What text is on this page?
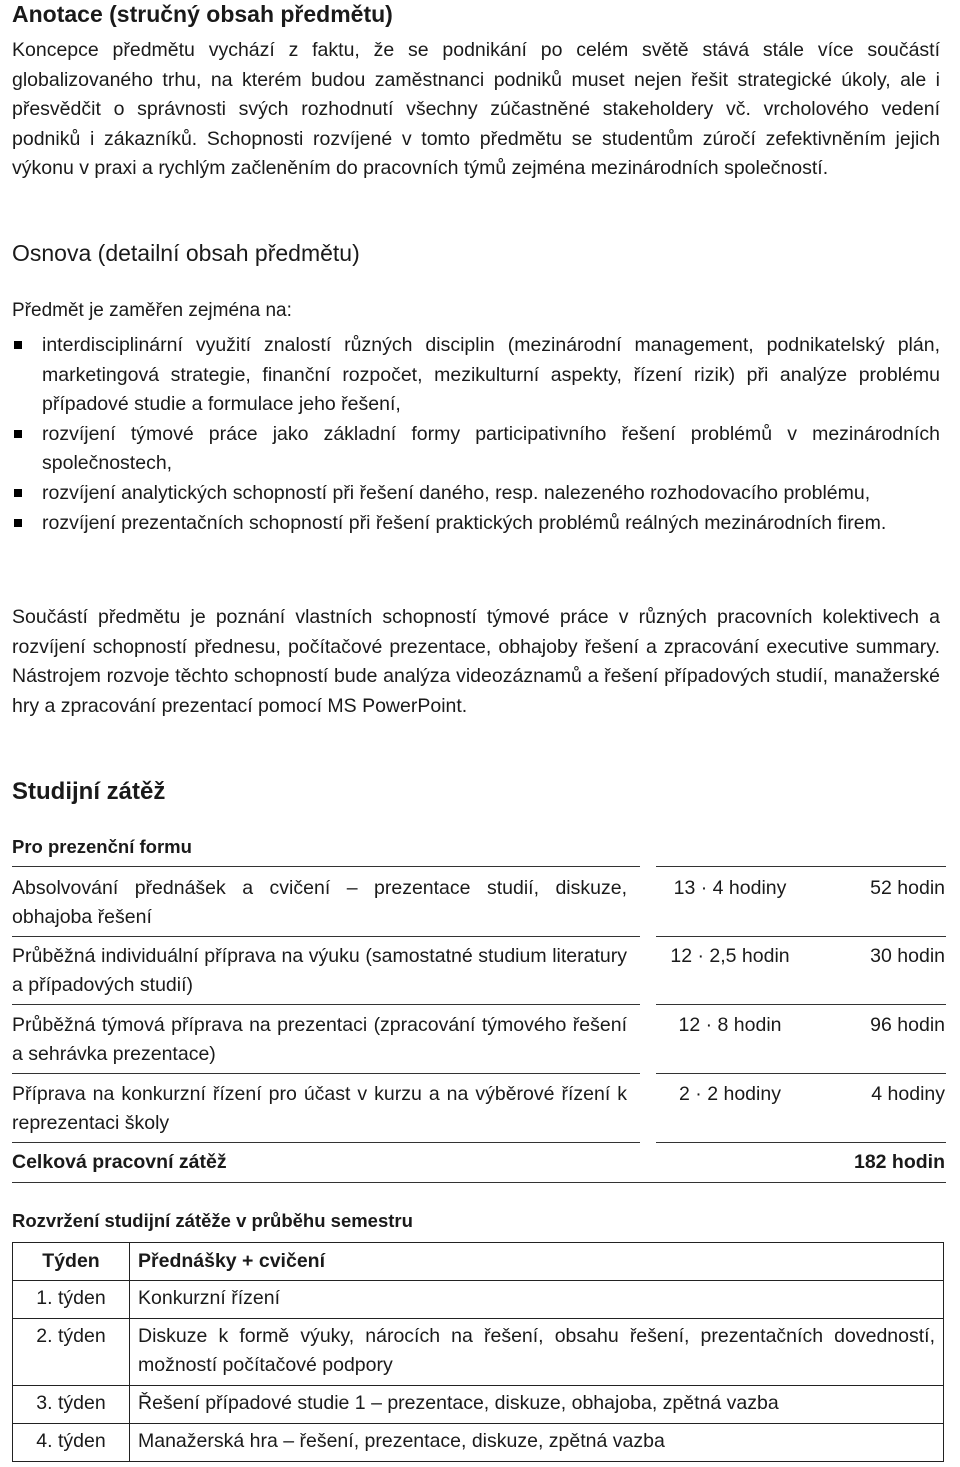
Anotace (stručný obsah předmětu)

Koncepce předmětu vychází z faktu, že se podnikání po celém světě stává stále více součástí globalizovaného trhu, na kterém budou zaměstnanci podniků muset nejen řešit strategické úkoly, ale i přesvědčit o správnosti svých rozhodnutí všechny zúčastněné stakeholdery vč. vrcholového vedení podniků i zákazníků. Schopnosti rozvíjené v tomto předmětu se studentům zúročí zefektivněním jejich výkonu v praxi a rychlým začleněním do pracovních týmů zejména mezinárodních společností.

Osnova (detailní obsah předmětu)

Předmět je zaměřen zejména na:

interdisciplinární využití znalostí různých disciplin (mezinárodní management, podnikatelský plán, marketingová strategie, finanční rozpočet, mezikulturní aspekty, řízení rizik) při analýze problému případové studie a formulace jeho řešení,
rozvíjení týmové práce jako základní formy participativního řešení problémů v mezinárodních společnostech,
rozvíjení analytických schopností při řešení daného, resp. nalezeného rozhodovacího problému,
rozvíjení prezentačních schopností při řešení praktických problémů reálných mezinárodních firem.

Součástí předmětu je poznání vlastních schopností týmové práce v různých pracovních kolektivech a rozvíjení schopností přednesu, počítačové prezentace, obhajoby řešení a zpracování executive summary. Nástrojem rozvoje těchto schopností bude analýza videozáznamů a řešení případových studií, manažerské hry a zpracování prezentací pomocí MS PowerPoint.

Studijní zátěž

Pro prezenční formu

Absolvování přednášek a cvičení – prezentace studií, diskuze, obhajoba řešení
13 · 4 hodiny	52 hodin
Průběžná individuální příprava na výuku (samostatné studium literatury a případových studií)
12 · 2,5 hodin	30 hodin
Průběžná týmová příprava na prezentaci (zpracování týmového řešení a sehrávka prezentace)
12 · 8 hodin	96 hodin
Příprava na konkurzní řízení pro účast v kurzu a na výběrové řízení k reprezentaci školy
2 · 2 hodiny	4 hodiny
Celková pracovní zátěž	182 hodin

Rozvržení studijní zátěže v průběhu semestru

Týden	Přednášky + cvičení
1. týden	Konkurzní řízení
2. týden	Diskuze k formě výuky, nárocích na řešení, obsahu řešení, prezentačních dovedností, možností počítačové podpory
3. týden	Řešení případové studie 1 – prezentace, diskuze, obhajoba, zpětná vazba
4. týden	Manažerská hra – řešení, prezentace, diskuze, zpětná vazba
